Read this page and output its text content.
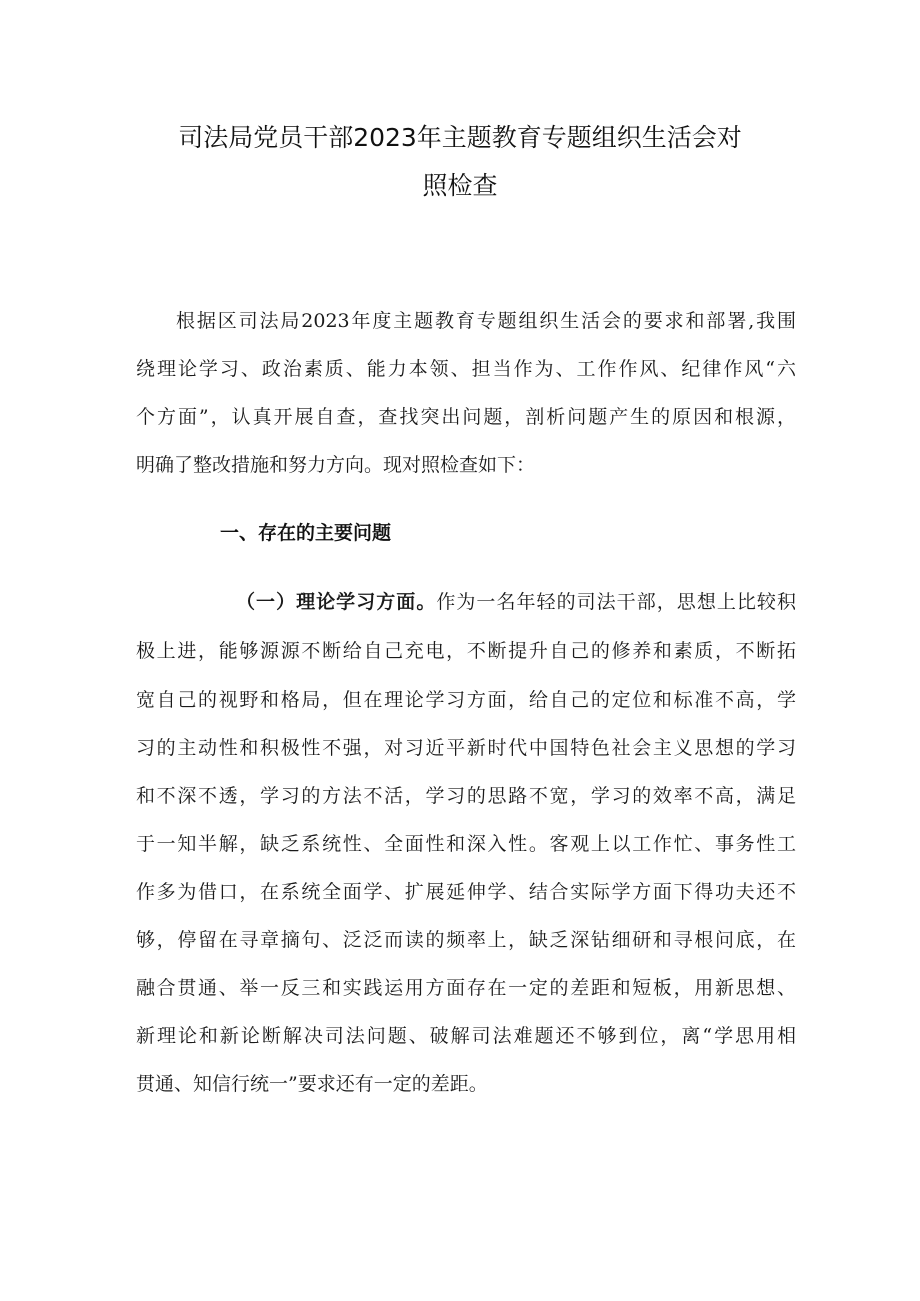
司法局党员干部2023年主题教育专题组织生活会对
照检查
根据区司法局2023年度主题教育专题组织生活会的要求和部署,我围
绕理论学习、政治素质、能力本领、担当作为、工作作风、纪律作风“六
个方面”，认真开展自查，查找突出问题，剖析问题产生的原因和根源，
明确了整改措施和努力方向。现对照检查如下：
一、存在的主要问题
（一）理论学习方面。作为一名年轻的司法干部，思想上比较积
极上进，能够源源不断给自己充电，不断提升自己的修养和素质，不断拓
宽自己的视野和格局，但在理论学习方面，给自己的定位和标准不高，学
习的主动性和积极性不强，对习近平新时代中国特色社会主义思想的学习
和不深不透，学习的方法不活，学习的思路不宽，学习的效率不高，满足
于一知半解，缺乏系统性、全面性和深入性。客观上以工作忙、事务性工
作多为借口，在系统全面学、扩展延伸学、结合实际学方面下得功夫还不
够，停留在寻章摘句、泛泛而读的频率上，缺乏深钻细研和寻根问底，在
融合贯通、举一反三和实践运用方面存在一定的差距和短板，用新思想、
新理论和新论断解决司法问题、破解司法难题还不够到位，离“学思用相
贯通、知信行统一”要求还有一定的差距。
